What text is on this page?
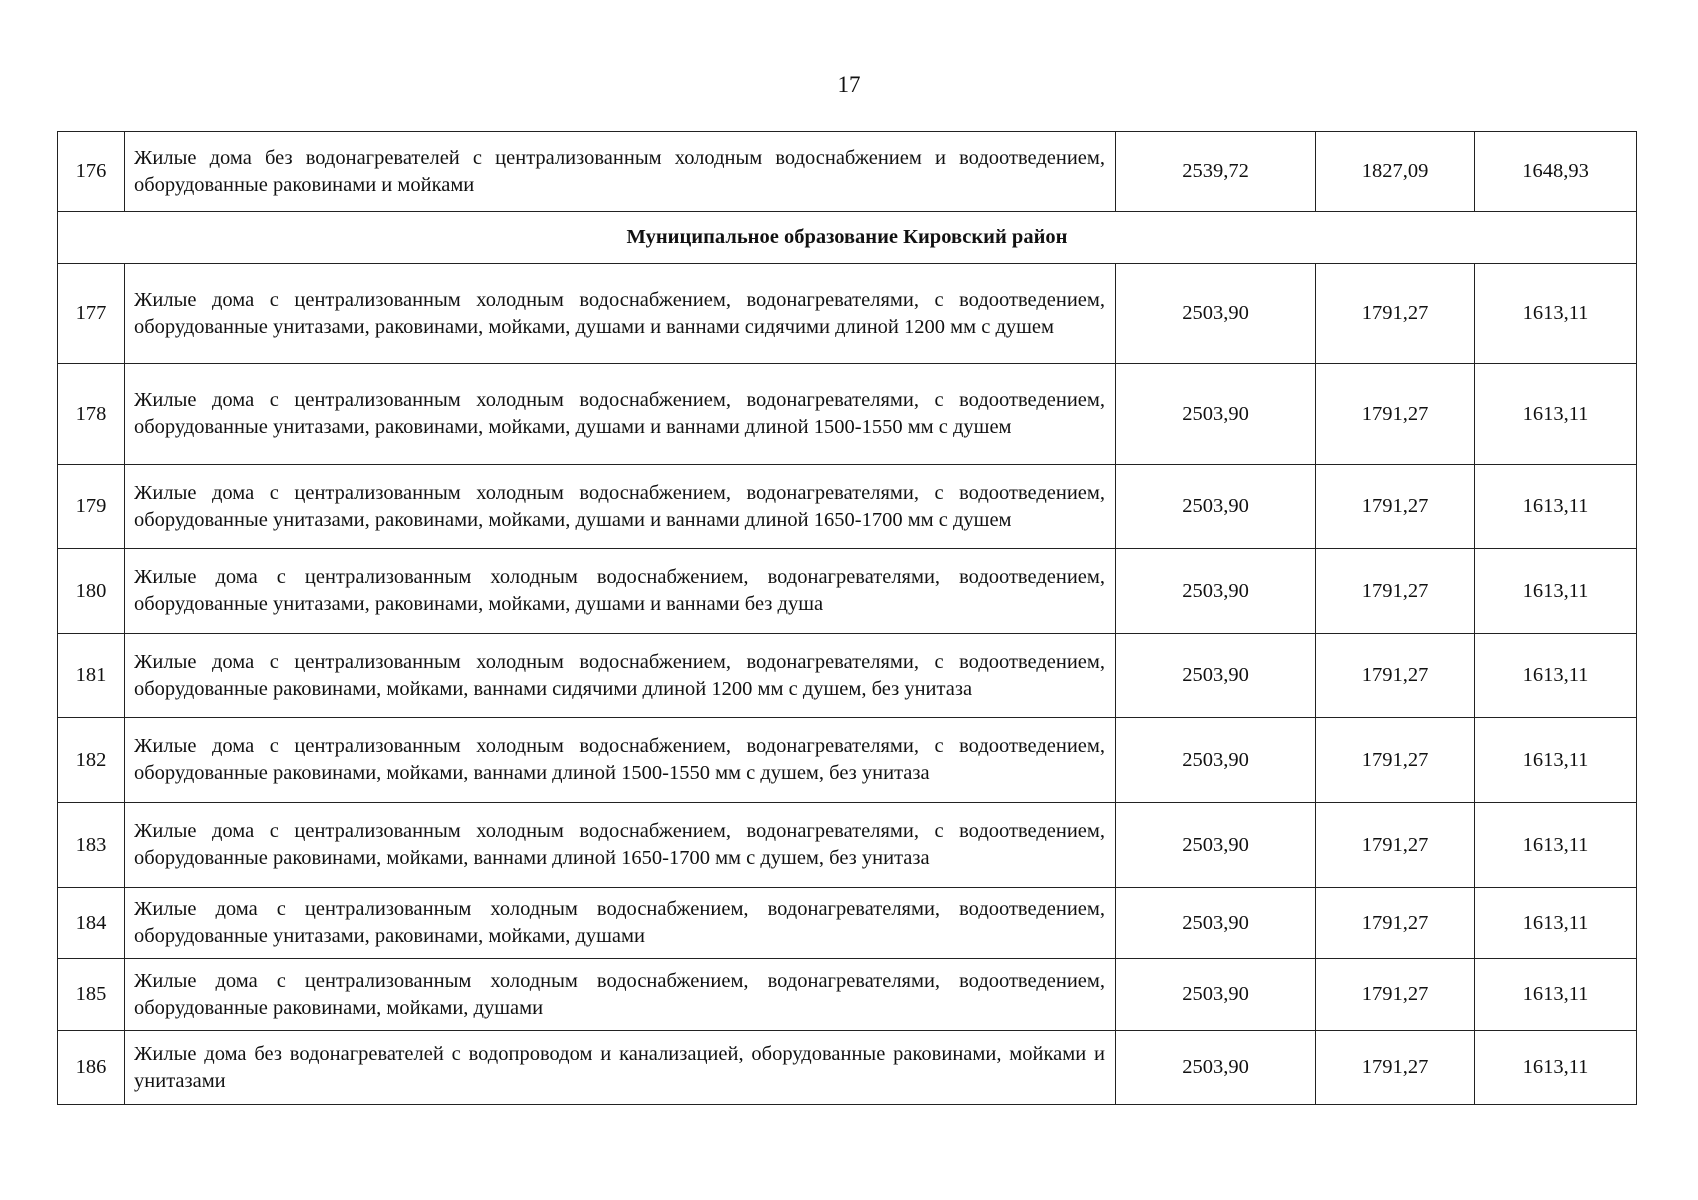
17
176	Жилые дома без водонагревателей с централизованным холодным водоснабжением и водоотведением, оборудованные раковинами и мойками	2539,72	1827,09	1648,93
Муниципальное образование Кировский район				
177	Жилые дома с централизованным холодным водоснабжением, водонагревателями, с водоотведением, оборудованные унитазами, раковинами, мойками, душами и ваннами сидячими длиной 1200 мм с душем	2503,90	1791,27	1613,11
178	Жилые дома с централизованным холодным водоснабжением, водонагревателями, с водоотведением, оборудованные унитазами, раковинами, мойками, душами и ваннами длиной 1500-1550 мм с душем	2503,90	1791,27	1613,11
179	Жилые дома с централизованным холодным водоснабжением, водонагревателями, с водоотведением, оборудованные унитазами, раковинами, мойками, душами и ваннами длиной 1650-1700 мм с душем	2503,90	1791,27	1613,11
180	Жилые дома с централизованным холодным водоснабжением, водонагревателями, водоотведением, оборудованные унитазами, раковинами, мойками, душами и ваннами без душа	2503,90	1791,27	1613,11
181	Жилые дома с централизованным холодным водоснабжением, водонагревателями, с водоотведением, оборудованные раковинами, мойками, ваннами сидячими длиной 1200 мм с душем, без унитаза	2503,90	1791,27	1613,11
182	Жилые дома с централизованным холодным водоснабжением, водонагревателями, с водоотведением, оборудованные раковинами, мойками, ваннами длиной 1500-1550 мм с душем, без унитаза	2503,90	1791,27	1613,11
183	Жилые дома с централизованным холодным водоснабжением, водонагревателями, с водоотведением, оборудованные раковинами, мойками, ваннами длиной 1650-1700 мм с душем, без унитаза	2503,90	1791,27	1613,11
184	Жилые дома с централизованным холодным водоснабжением, водонагревателями, водоотведением, оборудованные унитазами, раковинами, мойками, душами	2503,90	1791,27	1613,11
185	Жилые дома с централизованным холодным водоснабжением, водонагревателями, водоотведением, оборудованные раковинами, мойками, душами	2503,90	1791,27	1613,11
186	Жилые дома без водонагревателей с водопроводом и канализацией, оборудованные раковинами, мойками и унитазами	2503,90	1791,27	1613,11
